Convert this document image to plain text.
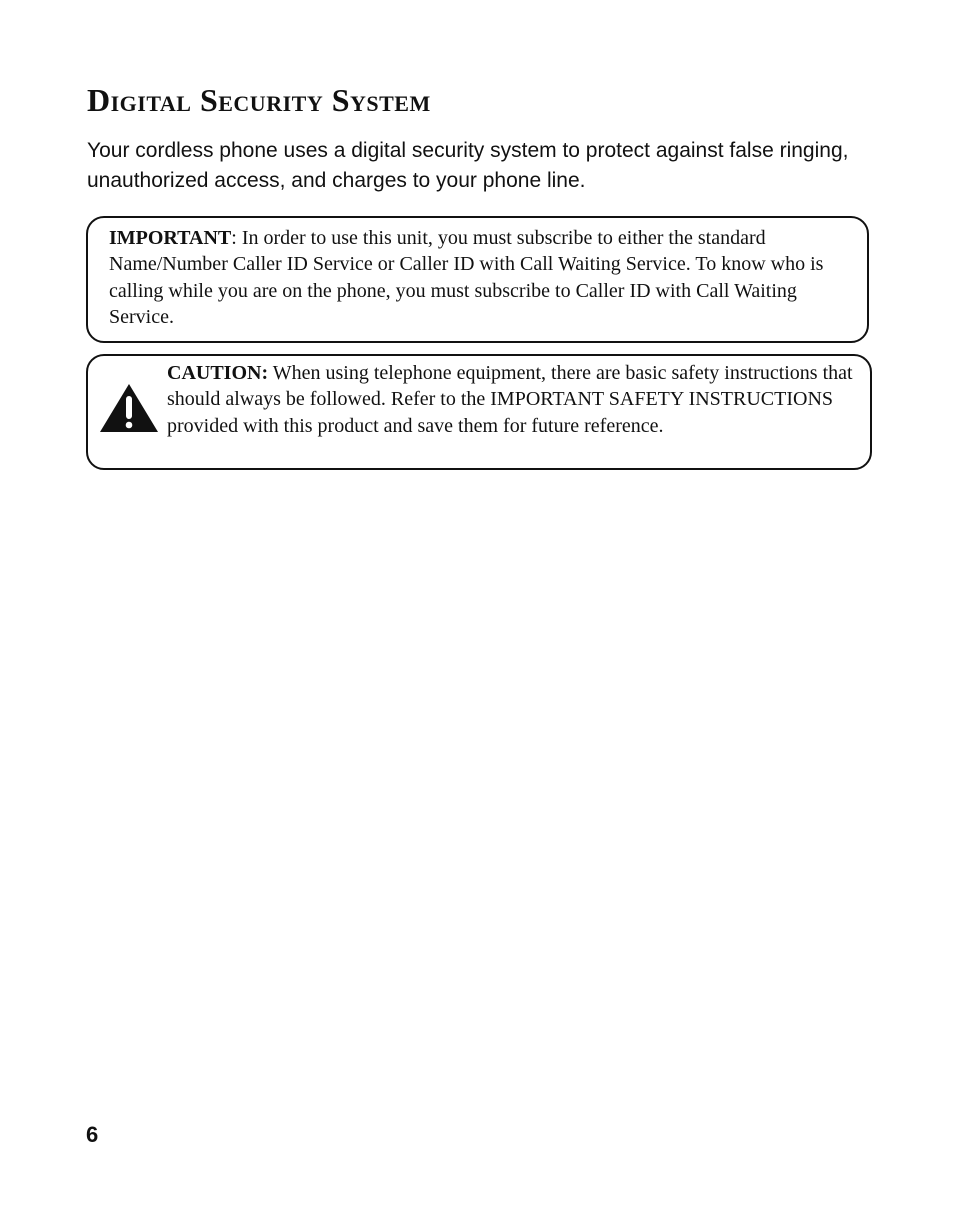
Digital Security System

Your cordless phone uses a digital security system to protect against false ringing, unauthorized access, and charges to your phone line.

IMPORTANT: In order to use this unit, you must subscribe to either the standard Name/Number Caller ID Service or Caller ID with Call Waiting Service. To know who is calling while you are on the phone, you must subscribe to Caller ID with Call Waiting Service.

CAUTION: When using telephone equipment, there are basic safety instructions that should always be followed. Refer to the IMPORTANT SAFETY INSTRUCTIONS provided with this product and save them for future reference.

6
